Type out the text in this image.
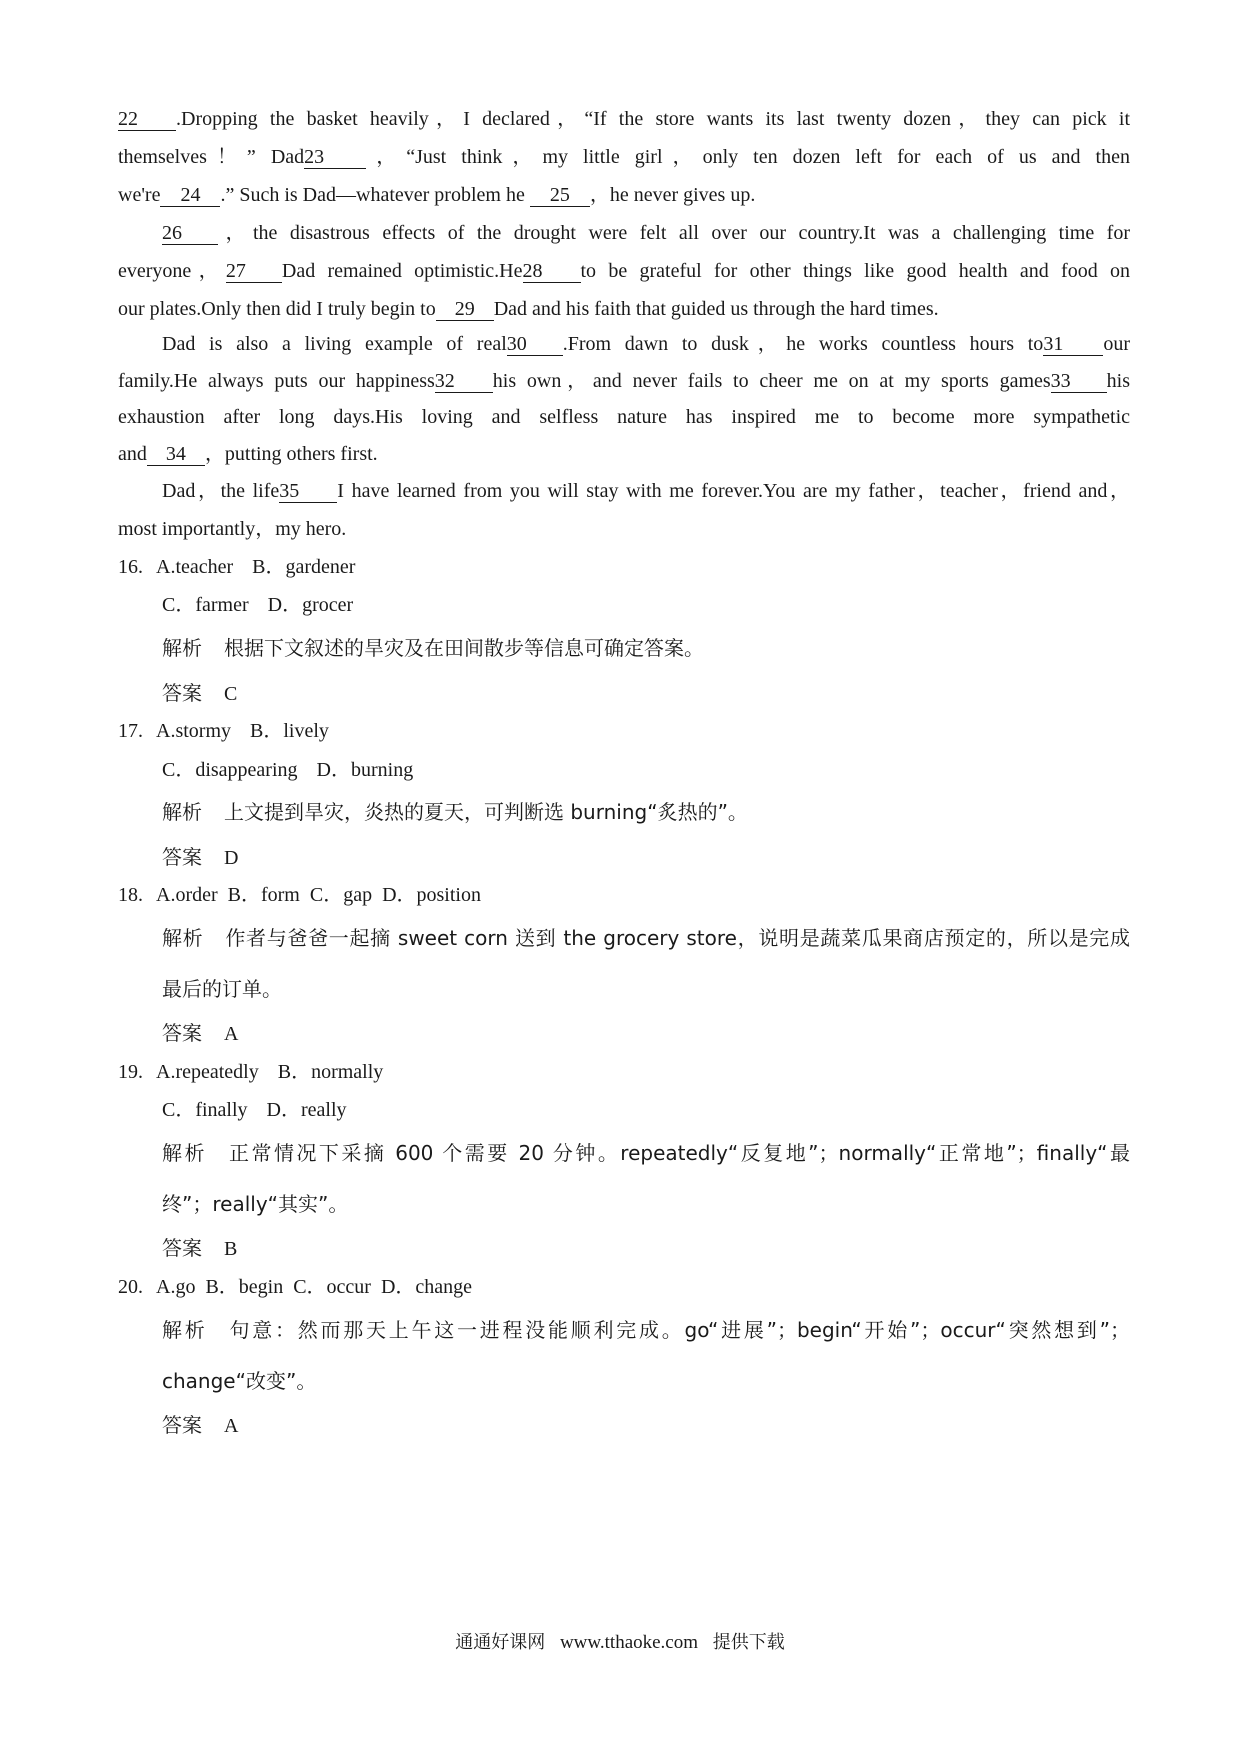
22 .Dropping the basket heavily，I declared，“If the store wants its last twenty dozen，they can pick it
themselves！” Dad23 ，“Just think，my little girl，only ten dozen left for each of us and then
we're 24 .” Such is Dad—whatever problem he 25 ，he never gives up.
26 ，the disastrous effects of the drought were felt all over our country.It was a challenging time for
everyone，27 Dad remained optimistic.He28 to be grateful for other things like good health and food on
our plates.Only then did I truly begin to 29 Dad and his faith that guided us through the hard times.
Dad is also a living example of real30 .From dawn to dusk，he works countless hours to31 our
family.He always puts our happiness32 his own，and never fails to cheer me on at my sports games33 his
exhaustion after long days.His loving and selfless nature has inspired me to become more sympathetic
and 34 ，putting others first.
Dad，the life35 I have learned from you will stay with me forever.You are my father，teacher，friend and，
most importantly，my hero.
16. A.teacher B．gardener
C．farmer D．grocer
解析 根据下文叙述的旱灾及在田间散步等信息可确定答案。
答案 C
17. A.stormy B．lively
C．disappearing D．burning
解析 上文提到旱灾，炎热的夏天，可判断选 burning“炙热的”。
答案 D
18. A.order  B．form  C．gap  D．position
解析 作者与爸爸一起摘 sweet corn 送到 the grocery store，说明是蔬菜瓜果商店预定的，所以是完成
最后的订单。
答案 A
19. A.repeatedly B．normally
C．finally D．really
解析 正常情况下采摘 600 个需要 20 分钟。repeatedly“反复地”；normally“正常地”；finally“最
终”；really“其实”。
答案 B
20. A.go  B．begin  C．occur  D．change
解析 句意：然而那天上午这一进程没能顺利完成。go“进展”；begin“开始”；occur“突然想到”；
change“改变”。
答案 A
通通好课网 www.tthaoke.com 提供下载
